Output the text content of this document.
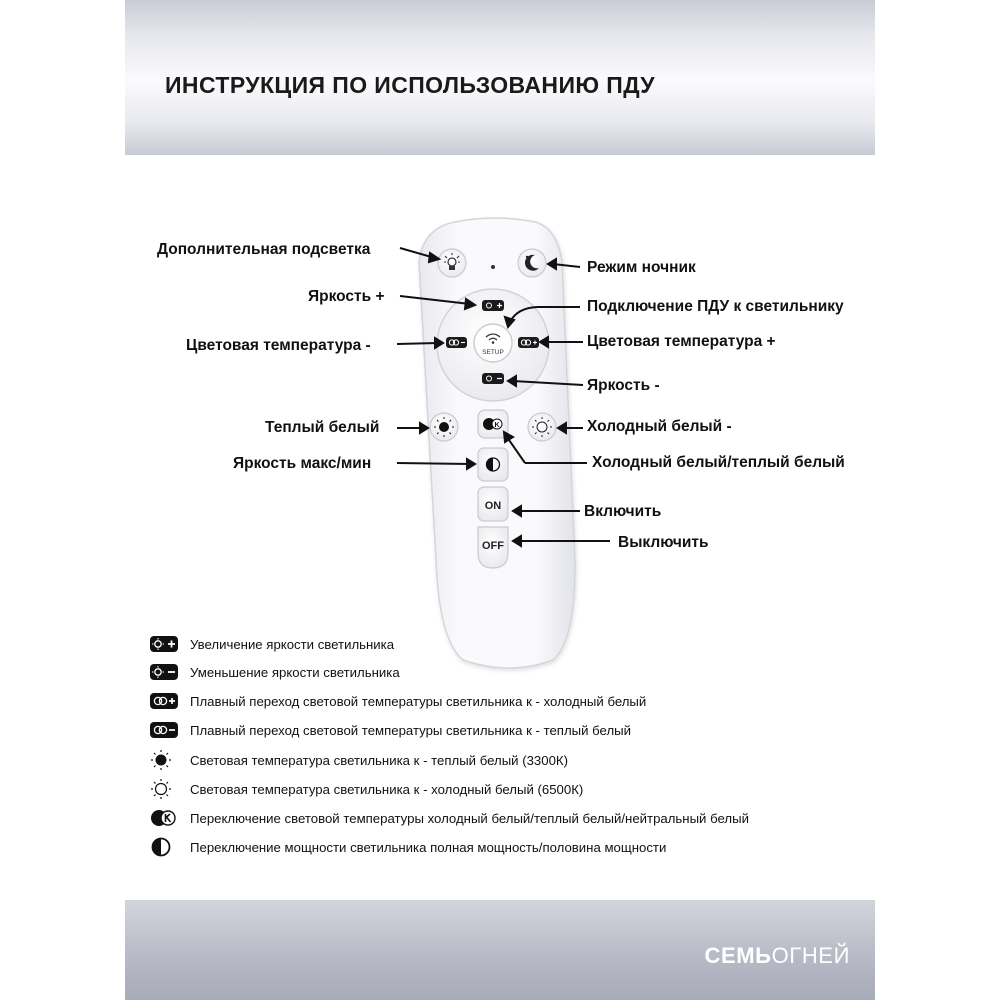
ИНСТРУКЦИЯ ПО ИСПОЛЬЗОВАНИЮ ПДУ
SETUP
K
ON
OFF
Дополнительная подсветка
Режим ночник
Яркость +
Подключение ПДУ к светильнику
Цветовая температура -	Цветовая температура +
Яркость -
Теплый белый	Холодный белый -
Яркость макс/мин	Холодный белый/теплый белый
Включить
Выключить
Увеличение яркости светильника
Уменьшение яркости светильника
Плавный переход световой температуры светильника к - холодный белый
Плавный переход световой температуры светильника к - теплый белый
Световая температура светильника к - теплый белый (3300К)
Световая температура светильника к - холодный белый (6500К)
Переключение световой температуры холодный белый/теплый белый/нейтральный белый
Переключение мощности светильника полная мощность/половина мощности
СЕМЬОГНЕЙ
